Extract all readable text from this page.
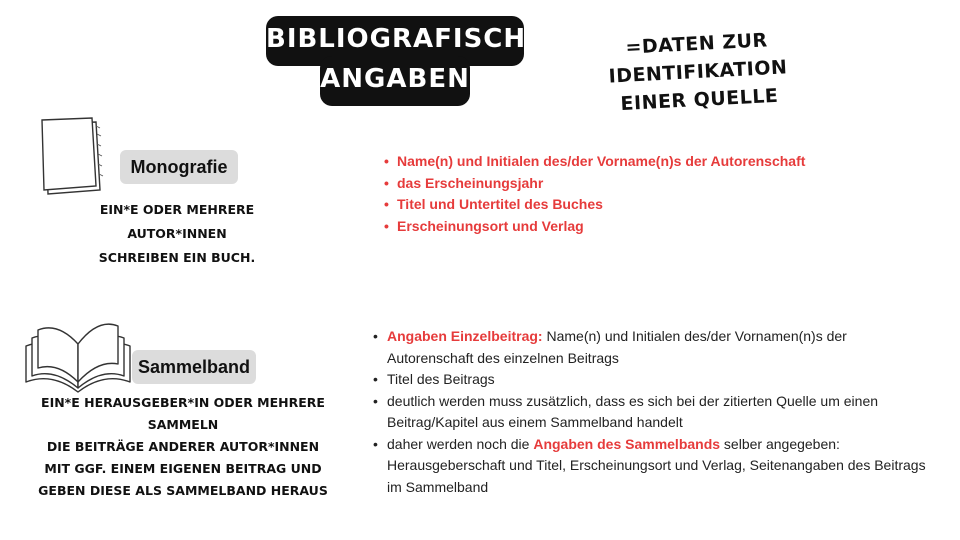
BIBLIOGRAFISCHE
ANGABEN
=DATEN ZUR IDENTIFIKATION
EINER QUELLE
Monografie
EIN*E ODER MEHRERE AUTOR*INNEN
SCHREIBEN EIN BUCH.
• Name(n) und Initialen des/der Vorname(n)s der Autorenschaft
• das Erscheinungsjahr
• Titel und Untertitel des Buches
• Erscheinungsort und Verlag
Sammelband
EIN*E HERAUSGEBER*IN ODER MEHRERE SAMMELN
DIE BEITRÄGE ANDERER AUTOR*INNEN
MIT GGF. EINEM EIGENEN BEITRAG UND
GEBEN DIESE ALS SAMMELBAND HERAUS
• Angaben Einzelbeitrag: Name(n) und Initialen des/der Vornamen(n)s der Autorenschaft des einzelnen Beitrags
• Titel des Beitrags
• deutlich werden muss zusätzlich, dass es sich bei der zitierten Quelle um einen Beitrag/Kapitel aus einem Sammelband handelt
• daher werden noch die Angaben des Sammelbands selber angegeben: Herausgeberschaft und Titel, Erscheinungsort und Verlag, Seitenangaben des Beitrags im Sammelband
